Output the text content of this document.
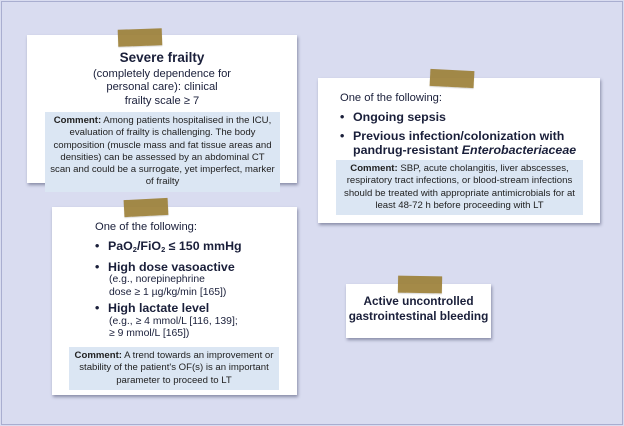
Severe frailty
(completely dependence for
personal care): clinical
frailty scale ≥ 7
Comment: Among patients hospitalised in the ICU, evaluation of frailty is challenging. The body composition (muscle mass and fat tissue areas and densities) can be assessed by an abdominal CT scan and could be a surrogate, yet imperfect, marker of frailty
One of the following:
• Ongoing sepsis
• Previous infection/colonization with
pandrug-resistant Enterobacteriaceae
Comment: SBP, acute cholangitis, liver abscesses, respiratory tract infections, or blood-stream infections should be treated with appropriate antimicrobials for at least 48-72 h before proceeding with LT
One of the following:
• PaO$_2$/FiO$_2$ ≤ 150 mmHg
• High dose vasoactive
(e.g., norepinephrine
dose ≥ 1 µg/kg/min [165])
• High lactate level
(e.g., ≥ 4 mmol/L [116, 139];
≥ 9 mmol/L [165])
Comment: A trend towards an improvement or stability of the patient's OF(s) is an important parameter to proceed to LT
Active uncontrolled
gastrointestinal bleeding
